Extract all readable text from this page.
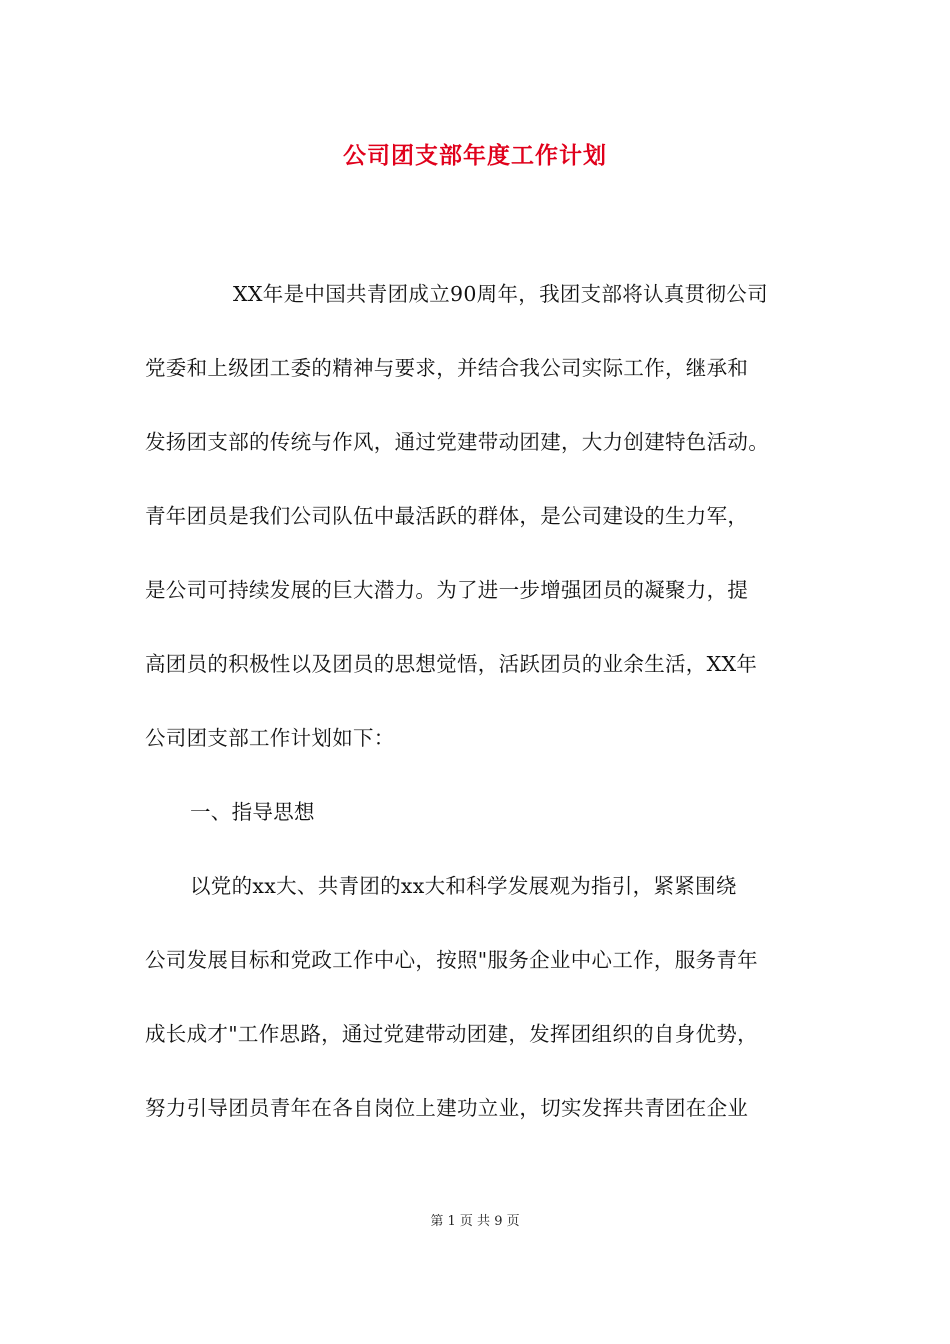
公司团支部年度工作计划

XX年是中国共青团成立90周年，我团支部将认真贯彻公司

党委和上级团工委的精神与要求，并结合我公司实际工作，继承和

发扬团支部的传统与作风，通过党建带动团建，大力创建特色活动。

青年团员是我们公司队伍中最活跃的群体，是公司建设的生力军，

是公司可持续发展的巨大潜力。为了进一步增强团员的凝聚力，提

高团员的积极性以及团员的思想觉悟，活跃团员的业余生活，XX年

公司团支部工作计划如下：

一、指导思想

以党的xx大、共青团的xx大和科学发展观为指引，紧紧围绕

公司发展目标和党政工作中心，按照"服务企业中心工作，服务青年

成长成才"工作思路，通过党建带动团建，发挥团组织的自身优势，

努力引导团员青年在各自岗位上建功立业，切实发挥共青团在企业

第 1 页 共 9 页
